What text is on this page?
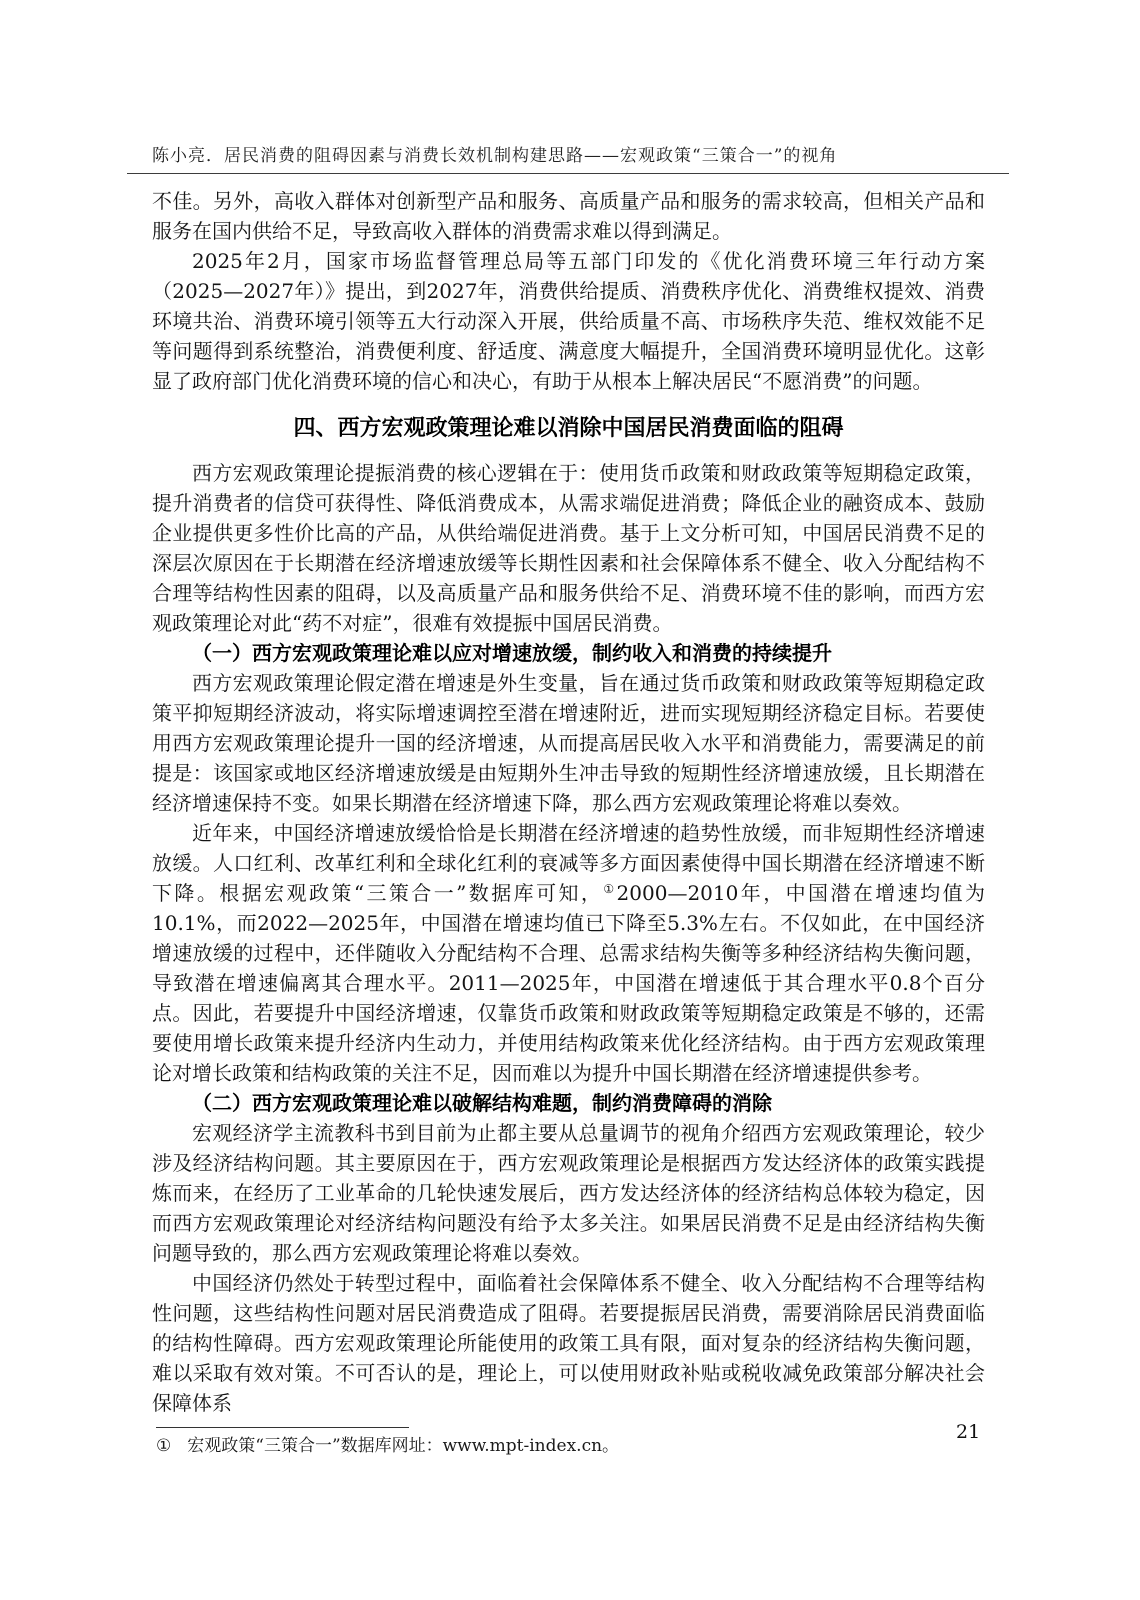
陈小亮．居民消费的阻碍因素与消费长效机制构建思路——宏观政策“三策合一”的视角

不佳。另外，高收入群体对创新型产品和服务、高质量产品和服务的需求较高，但相关产品和服务在国内供给不足，导致高收入群体的消费需求难以得到满足。

2025年2月，国家市场监督管理总局等五部门印发的《优化消费环境三年行动方案（2025—2027年）》提出，到2027年，消费供给提质、消费秩序优化、消费维权提效、消费环境共治、消费环境引领等五大行动深入开展，供给质量不高、市场秩序失范、维权效能不足等问题得到系统整治，消费便利度、舒适度、满意度大幅提升，全国消费环境明显优化。这彰显了政府部门优化消费环境的信心和决心，有助于从根本上解决居民“不愿消费”的问题。

四、西方宏观政策理论难以消除中国居民消费面临的阻碍

西方宏观政策理论提振消费的核心逻辑在于：使用货币政策和财政政策等短期稳定政策，提升消费者的信贷可获得性、降低消费成本，从需求端促进消费；降低企业的融资成本、鼓励企业提供更多性价比高的产品，从供给端促进消费。基于上文分析可知，中国居民消费不足的深层次原因在于长期潜在经济增速放缓等长期性因素和社会保障体系不健全、收入分配结构不合理等结构性因素的阻碍，以及高质量产品和服务供给不足、消费环境不佳的影响，而西方宏观政策理论对此“药不对症”，很难有效提振中国居民消费。

（一）西方宏观政策理论难以应对增速放缓，制约收入和消费的持续提升

西方宏观政策理论假定潜在增速是外生变量，旨在通过货币政策和财政政策等短期稳定政策平抑短期经济波动，将实际增速调控至潜在增速附近，进而实现短期经济稳定目标。若要使用西方宏观政策理论提升一国的经济增速，从而提高居民收入水平和消费能力，需要满足的前提是：该国家或地区经济增速放缓是由短期外生冲击导致的短期性经济增速放缓，且长期潜在经济增速保持不变。如果长期潜在经济增速下降，那么西方宏观政策理论将难以奏效。

近年来，中国经济增速放缓恰恰是长期潜在经济增速的趋势性放缓，而非短期性经济增速放缓。人口红利、改革红利和全球化红利的衰减等多方面因素使得中国长期潜在经济增速不断下降。根据宏观政策“三策合一”数据库可知，①2000—2010年，中国潜在增速均值为10.1%，而2022—2025年，中国潜在增速均值已下降至5.3%左右。不仅如此，在中国经济增速放缓的过程中，还伴随收入分配结构不合理、总需求结构失衡等多种经济结构失衡问题，导致潜在增速偏离其合理水平。2011—2025年，中国潜在增速低于其合理水平0.8个百分点。因此，若要提升中国经济增速，仅靠货币政策和财政政策等短期稳定政策是不够的，还需要使用增长政策来提升经济内生动力，并使用结构政策来优化经济结构。由于西方宏观政策理论对增长政策和结构政策的关注不足，因而难以为提升中国长期潜在经济增速提供参考。

（二）西方宏观政策理论难以破解结构难题，制约消费障碍的消除

宏观经济学主流教科书到目前为止都主要从总量调节的视角介绍西方宏观政策理论，较少涉及经济结构问题。其主要原因在于，西方宏观政策理论是根据西方发达经济体的政策实践提炼而来，在经历了工业革命的几轮快速发展后，西方发达经济体的经济结构总体较为稳定，因而西方宏观政策理论对经济结构问题没有给予太多关注。如果居民消费不足是由经济结构失衡问题导致的，那么西方宏观政策理论将难以奏效。

中国经济仍然处于转型过程中，面临着社会保障体系不健全、收入分配结构不合理等结构性问题，这些结构性问题对居民消费造成了阻碍。若要提振居民消费，需要消除居民消费面临的结构性障碍。西方宏观政策理论所能使用的政策工具有限，面对复杂的经济结构失衡问题，难以采取有效对策。不可否认的是，理论上，可以使用财政补贴或税收减免政策部分解决社会保障体系

① 宏观政策“三策合一”数据库网址：www.mpt-index.cn。
21
